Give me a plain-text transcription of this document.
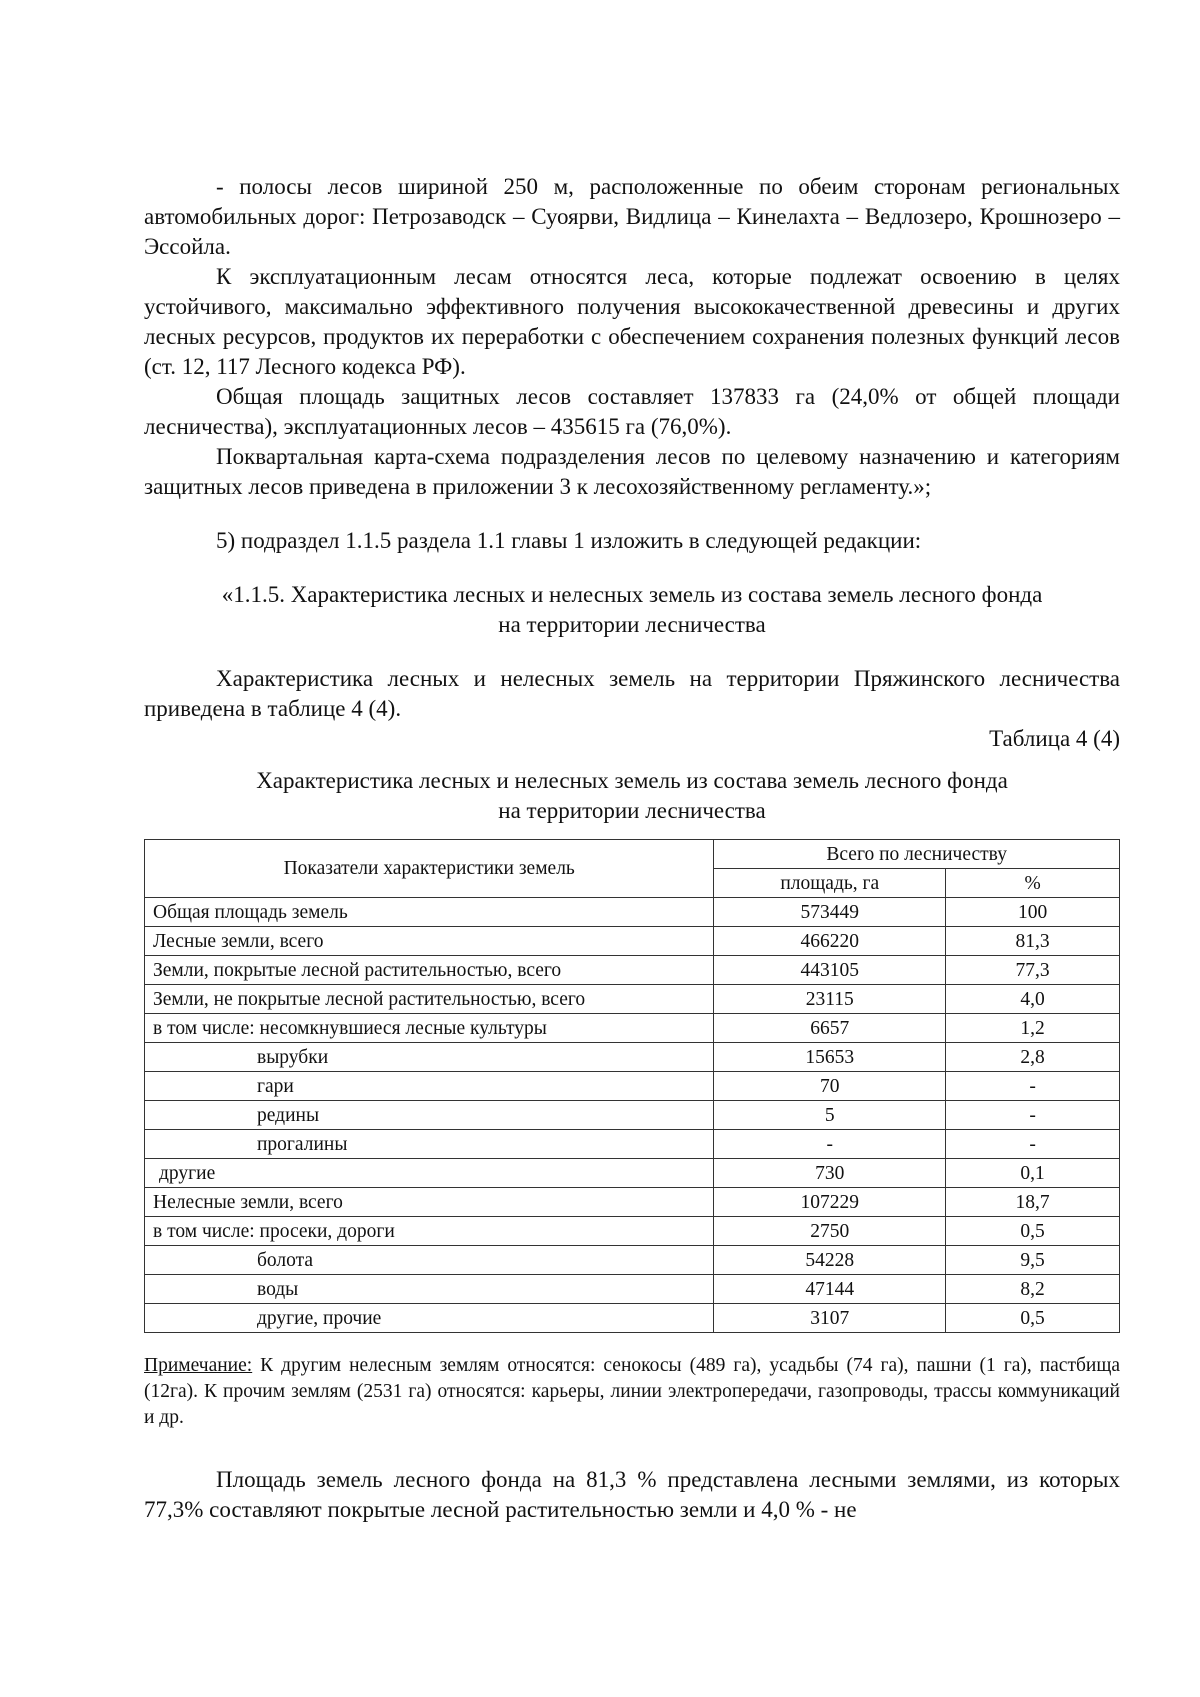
- полосы лесов шириной 250 м, расположенные по обеим сторонам региональных автомобильных дорог: Петрозаводск – Суоярви, Видлица – Кинелахта – Ведлозеро, Крошнозеро – Эссойла.

К эксплуатационным лесам относятся леса, которые подлежат освоению в целях устойчивого, максимально эффективного получения высококачественной древесины и других лесных ресурсов, продуктов их переработки с обеспечением сохранения полезных функций лесов (ст. 12, 117 Лесного кодекса РФ).

Общая площадь защитных лесов составляет 137833 га (24,0% от общей площади лесничества), эксплуатационных лесов – 435615 га (76,0%).

Поквартальная карта-схема подразделения лесов по целевому назначению и категориям защитных лесов приведена в приложении 3 к лесохозяйственному регламенту.»;

5) подраздел 1.1.5 раздела 1.1 главы 1 изложить в следующей редакции:

«1.1.5. Характеристика лесных и нелесных земель из состава земель лесного фонда

на территории лесничества

Характеристика лесных и нелесных земель на территории Пряжинского лесничества приведена в таблице 4 (4).

Таблица 4 (4)

Характеристика лесных и нелесных земель из состава земель лесного фонда

на территории лесничества

Показатели характеристики земель	Всего по лесничеству	
	площадь, га	%
Общая площадь земель	573449	100
Лесные земли, всего	466220	81,3
Земли, покрытые лесной растительностью, всего	443105	77,3
Земли, не покрытые лесной растительностью, всего	23115	4,0
в том числе: несомкнувшиеся лесные культуры	6657	1,2
вырубки	15653	2,8
гари	70	-
редины	5	-
прогалины	-	-
другие	730	0,1
Нелесные земли, всего	107229	18,7
в том числе: просеки, дороги	2750	0,5
болота	54228	9,5
воды	47144	8,2
другие, прочие	3107	0,5

Примечание: К другим нелесным землям относятся: сенокосы (489 га), усадьбы (74 га), пашни (1 га), пастбища (12га). К прочим землям (2531 га) относятся: карьеры, линии электропередачи, газопроводы, трассы коммуникаций и др.

Площадь земель лесного фонда на 81,3 % представлена лесными землями, из которых 77,3% составляют покрытые лесной растительностью земли и 4,0 % - не
